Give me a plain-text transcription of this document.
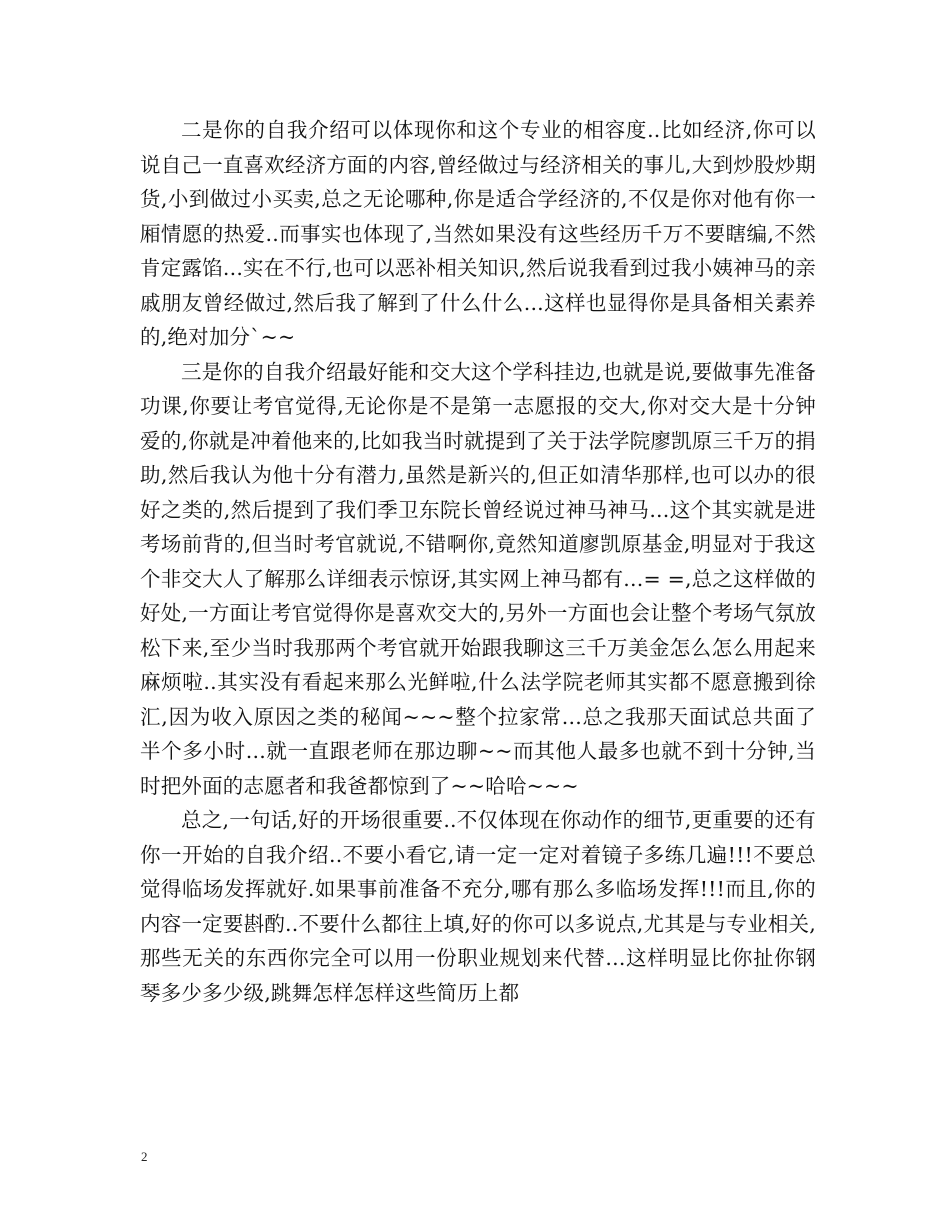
二是你的自我介绍可以体现你和这个专业的相容度..比如经济,你可以说自己一直喜欢经济方面的内容,曾经做过与经济相关的事儿,大到炒股炒期货,小到做过小买卖,总之无论哪种,你是适合学经济的,不仅是你对他有你一厢情愿的热爱..而事实也体现了,当然如果没有这些经历千万不要瞎编,不然肯定露馅...实在不行,也可以恶补相关知识,然后说我看到过我小姨神马的亲戚朋友曾经做过,然后我了解到了什么什么...这样也显得你是具备相关素养的,绝对加分`~~

三是你的自我介绍最好能和交大这个学科挂边,也就是说,要做事先准备功课,你要让考官觉得,无论你是不是第一志愿报的交大,你对交大是十分钟爱的,你就是冲着他来的,比如我当时就提到了关于法学院廖凯原三千万的捐助,然后我认为他十分有潜力,虽然是新兴的,但正如清华那样,也可以办的很好之类的,然后提到了我们季卫东院长曾经说过神马神马...这个其实就是进考场前背的,但当时考官就说,不错啊你,竟然知道廖凯原基金,明显对于我这个非交大人了解那么详细表示惊讶,其实网上神马都有...= =,总之这样做的好处,一方面让考官觉得你是喜欢交大的,另外一方面也会让整个考场气氛放松下来,至少当时我那两个考官就开始跟我聊这三千万美金怎么怎么用起来麻烦啦..其实没有看起来那么光鲜啦,什么法学院老师其实都不愿意搬到徐汇,因为收入原因之类的秘闻~~~整个拉家常...总之我那天面试总共面了半个多小时...就一直跟老师在那边聊~~而其他人最多也就不到十分钟,当时把外面的志愿者和我爸都惊到了~~哈哈~~~

总之,一句话,好的开场很重要..不仅体现在你动作的细节,更重要的还有你一开始的自我介绍..不要小看它,请一定一定对着镜子多练几遍!!!不要总觉得临场发挥就好.如果事前准备不充分,哪有那么多临场发挥!!!而且,你的内容一定要斟酌..不要什么都往上填,好的你可以多说点,尤其是与专业相关,那些无关的东西你完全可以用一份职业规划来代替...这样明显比你扯你钢琴多少多少级,跳舞怎样怎样这些简历上都

2
